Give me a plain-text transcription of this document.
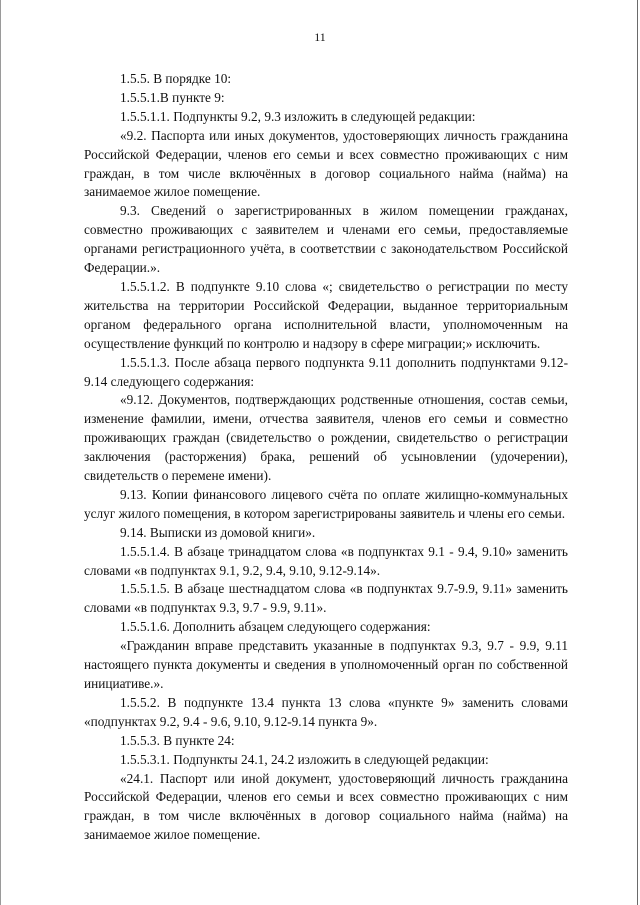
11

1.5.5. В порядке 10:

1.5.5.1.В пункте 9:

1.5.5.1.1. Подпункты 9.2, 9.3 изложить в следующей редакции:

«9.2. Паспорта или иных документов, удостоверяющих личность гражданина Российской Федерации, членов его семьи и всех совместно проживающих с ним граждан, в том числе включённых в договор социального найма (найма) на занимаемое жилое помещение.

9.3. Сведений о зарегистрированных в жилом помещении гражданах, совместно проживающих с заявителем и членами его семьи, предоставляемые органами регистрационного учёта, в соответствии с законодательством Российской Федерации.».

1.5.5.1.2. В подпункте 9.10 слова «; свидетельство о регистрации по месту жительства на территории Российской Федерации, выданное территориальным органом федерального органа исполнительной власти, уполномоченным на осуществление функций по контролю и надзору в сфере миграции;» исключить.

1.5.5.1.3. После абзаца первого подпункта 9.11 дополнить подпунктами 9.12-9.14 следующего содержания:

«9.12. Документов, подтверждающих родственные отношения, состав семьи, изменение фамилии, имени, отчества заявителя, членов его семьи и совместно проживающих граждан (свидетельство о рождении, свидетельство о регистрации заключения (расторжения) брака, решений об усыновлении (удочерении), свидетельств о перемене имени).

9.13. Копии финансового лицевого счёта по оплате жилищно-коммунальных услуг жилого помещения, в котором зарегистрированы заявитель и члены его семьи.

9.14. Выписки из домовой книги».

1.5.5.1.4. В абзаце тринадцатом слова «в подпунктах 9.1 - 9.4, 9.10» заменить словами «в подпунктах 9.1, 9.2, 9.4, 9.10, 9.12-9.14».

1.5.5.1.5. В абзаце шестнадцатом слова «в подпунктах 9.7-9.9, 9.11» заменить словами «в подпунктах 9.3, 9.7 - 9.9, 9.11».

1.5.5.1.6. Дополнить абзацем следующего содержания:

«Гражданин вправе представить указанные в подпунктах 9.3, 9.7 - 9.9, 9.11 настоящего пункта документы и сведения в уполномоченный орган по собственной инициативе.».

1.5.5.2. В подпункте 13.4 пункта 13 слова «пункте 9» заменить словами «подпунктах 9.2, 9.4 - 9.6, 9.10, 9.12-9.14 пункта 9».

1.5.5.3. В пункте 24:

1.5.5.3.1. Подпункты 24.1, 24.2 изложить в следующей редакции:

«24.1. Паспорт или иной документ, удостоверяющий личность гражданина Российской Федерации, членов его семьи и всех совместно проживающих с ним граждан, в том числе включённых в договор социального найма (найма) на занимаемое жилое помещение.
